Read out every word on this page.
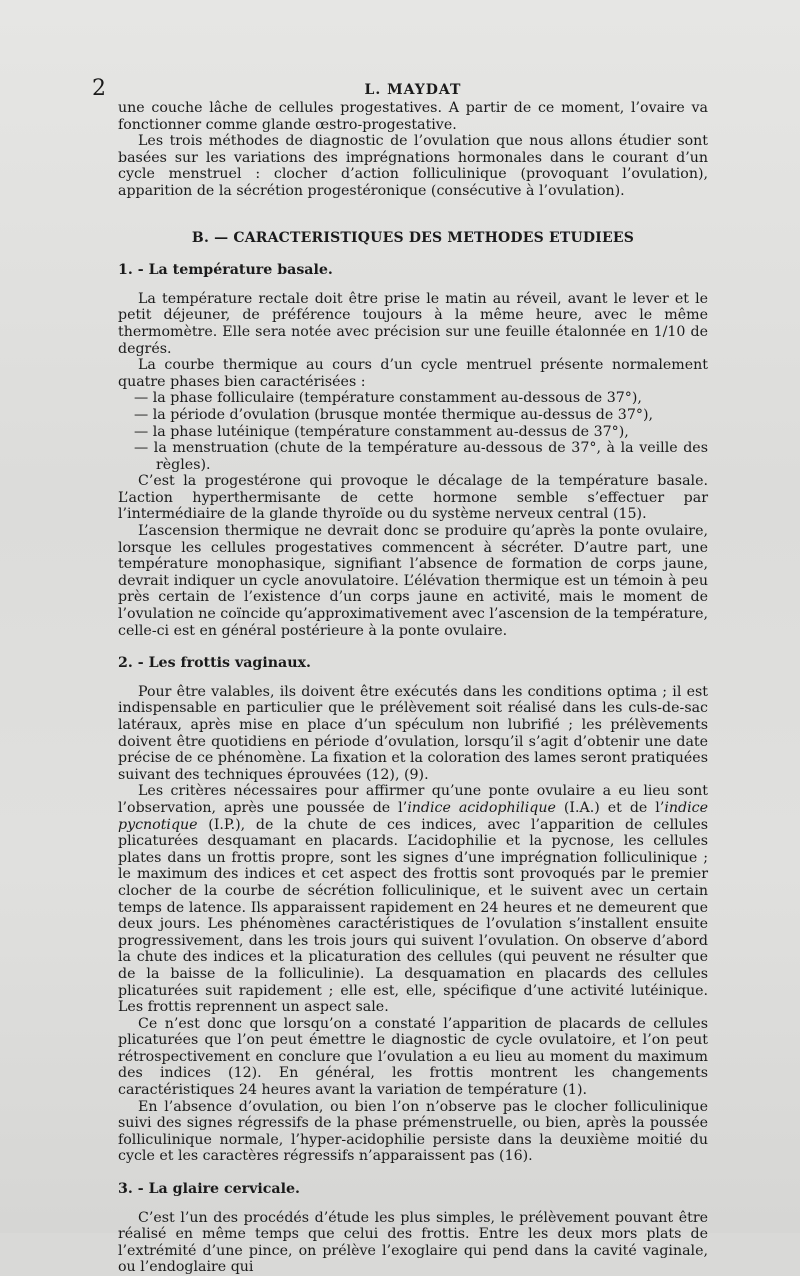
2	L. MAYDAT

une couche lâche de cellules progestatives. A partir de ce moment, l’ovaire va fonctionner comme glande œstro-progestative.

Les trois méthodes de diagnostic de l’ovulation que nous allons étudier sont basées sur les variations des imprégnations hormonales dans le courant d’un cycle menstruel : clocher d’action folliculinique (provoquant l’ovulation), apparition de la sécrétion progestéronique (consécutive à l’ovulation).

B. — CARACTERISTIQUES DES METHODES ETUDIEES

1. - La température basale.

La température rectale doit être prise le matin au réveil, avant le lever et le petit déjeuner, de préférence toujours à la même heure, avec le même thermomètre. Elle sera notée avec précision sur une feuille étalonnée en 1/10 de degrés.

La courbe thermique au cours d’un cycle mentruel présente normalement quatre phases bien caractérisées :

— la phase folliculaire (température constamment au-dessous de 37°),

— la période d’ovulation (brusque montée thermique au-dessus de 37°),

— la phase lutéinique (température constamment au-dessus de 37°),

— la menstruation (chute de la température au-dessous de 37°, à la veille des règles).

C’est la progestérone qui provoque le décalage de la température basale. L’action hyperthermisante de cette hormone semble s’effectuer par l’intermédiaire de la glande thyroïde ou du système nerveux central (15).

L’ascension thermique ne devrait donc se produire qu’après la ponte ovulaire, lorsque les cellules progestatives commencent à sécréter. D’autre part, une température monophasique, signifiant l’absence de formation de corps jaune, devrait indiquer un cycle anovulatoire. L’élévation thermique est un témoin à peu près certain de l’existence d’un corps jaune en activité, mais le moment de l’ovulation ne coïncide qu’approximativement avec l’ascension de la température, celle-ci est en général postérieure à la ponte ovulaire.

2. - Les frottis vaginaux.

Pour être valables, ils doivent être exécutés dans les conditions optima ; il est indispensable en particulier que le prélèvement soit réalisé dans les culs-de-sac latéraux, après mise en place d’un spéculum non lubrifié ; les prélèvements doivent être quotidiens en période d’ovulation, lorsqu’il s’agit d’obtenir une date précise de ce phénomène. La fixation et la coloration des lames seront pratiquées suivant des techniques éprouvées (12), (9).

Les critères nécessaires pour affirmer qu’une ponte ovulaire a eu lieu sont l’observation, après une poussée de l’indice acidophilique (I.A.) et de l’indice pycnotique (I.P.), de la chute de ces indices, avec l’apparition de cellules plicaturées desquamant en placards. L’acidophilie et la pycnose, les cellules plates dans un frottis propre, sont les signes d’une imprégnation folliculinique ; le maximum des indices et cet aspect des frottis sont provoqués par le premier clocher de la courbe de sécrétion folliculinique, et le suivent avec un certain temps de latence. Ils apparaissent rapidement en 24 heures et ne demeurent que deux jours. Les phénomènes caractéristiques de l’ovulation s’installent ensuite progressivement, dans les trois jours qui suivent l’ovulation. On observe d’abord la chute des indices et la plicaturation des cellules (qui peuvent ne résulter que de la baisse de la folliculinie). La desquamation en placards des cellules plicaturées suit rapidement ; elle est, elle, spécifique d’une activité lutéinique. Les frottis reprennent un aspect sale.

Ce n’est donc que lorsqu’on a constaté l’apparition de placards de cellules plicaturées que l’on peut émettre le diagnostic de cycle ovulatoire, et l’on peut rétrospectivement en conclure que l’ovulation a eu lieu au moment du maximum des indices (12). En général, les frottis montrent les changements caractéristiques 24 heures avant la variation de température (1).

En l’absence d’ovulation, ou bien l’on n’observe pas le clocher folliculinique suivi des signes régressifs de la phase prémenstruelle, ou bien, après la poussée folliculinique normale, l’hyper-acidophilie persiste dans la deuxième moitié du cycle et les caractères régressifs n’apparaissent pas (16).

3. - La glaire cervicale.

C’est l’un des procédés d’étude les plus simples, le prélèvement pouvant être réalisé en même temps que celui des frottis. Entre les deux mors plats de l’extrémité d’une pince, on prélève l’exoglaire qui pend dans la cavité vaginale, ou l’endoglaire qui
